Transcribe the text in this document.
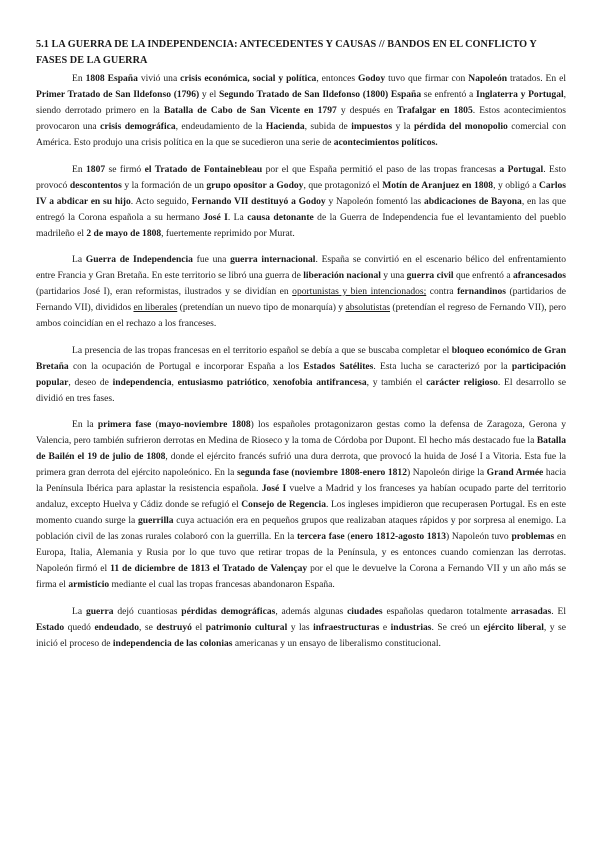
5.1 LA GUERRA DE LA INDEPENDENCIA: ANTECEDENTES Y CAUSAS // BANDOS EN EL CONFLICTO Y FASES DE LA GUERRA

En 1808 España vivió una crisis económica, social y política, entonces Godoy tuvo que firmar con Napoleón tratados. En el Primer Tratado de San Ildefonso (1796) y el Segundo Tratado de San Ildefonso (1800) España se enfrentó a Inglaterra y Portugal, siendo derrotado primero en la Batalla de Cabo de San Vicente en 1797 y después en Trafalgar en 1805. Estos acontecimientos provocaron una crisis demográfica, endeudamiento de la Hacienda, subida de impuestos y la pérdida del monopolio comercial con América. Esto produjo una crisis política en la que se sucedieron una serie de acontecimientos políticos.

En 1807 se firmó el Tratado de Fontainebleau por el que España permitió el paso de las tropas francesas a Portugal. Esto provocó descontentos y la formación de un grupo opositor a Godoy, que protagonizó el Motín de Aranjuez en 1808, y obligó a Carlos IV a abdicar en su hijo. Acto seguido, Fernando VII destituyó a Godoy y Napoleón fomentó las abdicaciones de Bayona, en las que entregó la Corona española a su hermano José I. La causa detonante de la Guerra de Independencia fue el levantamiento del pueblo madrileño el 2 de mayo de 1808, fuertemente reprimido por Murat.

La Guerra de Independencia fue una guerra internacional. España se convirtió en el escenario bélico del enfrentamiento entre Francia y Gran Bretaña. En este territorio se libró una guerra de liberación nacional y una guerra civil que enfrentó a afrancesados (partidarios José I), eran reformistas, ilustrados y se dividían en oportunistas y bien intencionados; contra fernandinos (partidarios de Fernando VII), divididos en liberales (pretendían un nuevo tipo de monarquía) y absolutistas (pretendían el regreso de Fernando VII), pero ambos coincidían en el rechazo a los franceses.

La presencia de las tropas francesas en el territorio español se debía a que se buscaba completar el bloqueo económico de Gran Bretaña con la ocupación de Portugal e incorporar España a los Estados Satélites. Esta lucha se caracterizó por la participación popular, deseo de independencia, entusiasmo patriótico, xenofobia antifrancesa, y también el carácter religioso. El desarrollo se dividió en tres fases.

En la primera fase (mayo-noviembre 1808) los españoles protagonizaron gestas como la defensa de Zaragoza, Gerona y Valencia, pero también sufrieron derrotas en Medina de Rioseco y la toma de Córdoba por Dupont. El hecho más destacado fue la Batalla de Bailén el 19 de julio de 1808, donde el ejército francés sufrió una dura derrota, que provocó la huida de José I a Vitoria. Esta fue la primera gran derrota del ejército napoleónico. En la segunda fase (noviembre 1808-enero 1812) Napoleón dirige la Grand Armée hacia la Península Ibérica para aplastar la resistencia española. José I vuelve a Madrid y los franceses ya habían ocupado parte del territorio andaluz, excepto Huelva y Cádiz donde se refugió el Consejo de Regencia. Los ingleses impidieron que recuperasen Portugal. Es en este momento cuando surge la guerrilla cuya actuación era en pequeños grupos que realizaban ataques rápidos y por sorpresa al enemigo. La población civil de las zonas rurales colaboró con la guerrilla. En la tercera fase (enero 1812-agosto 1813) Napoleón tuvo problemas en Europa, Italia, Alemania y Rusia por lo que tuvo que retirar tropas de la Península, y es entonces cuando comienzan las derrotas. Napoleón firmó el 11 de diciembre de 1813 el Tratado de Valençay por el que le devuelve la Corona a Fernando VII y un año más se firma el armisticio mediante el cual las tropas francesas abandonaron España.

La guerra dejó cuantiosas pérdidas demográficas, además algunas ciudades españolas quedaron totalmente arrasadas. El Estado quedó endeudado, se destruyó el patrimonio cultural y las infraestructuras e industrias. Se creó un ejército liberal, y se inició el proceso de independencia de las colonias americanas y un ensayo de liberalismo constitucional.
